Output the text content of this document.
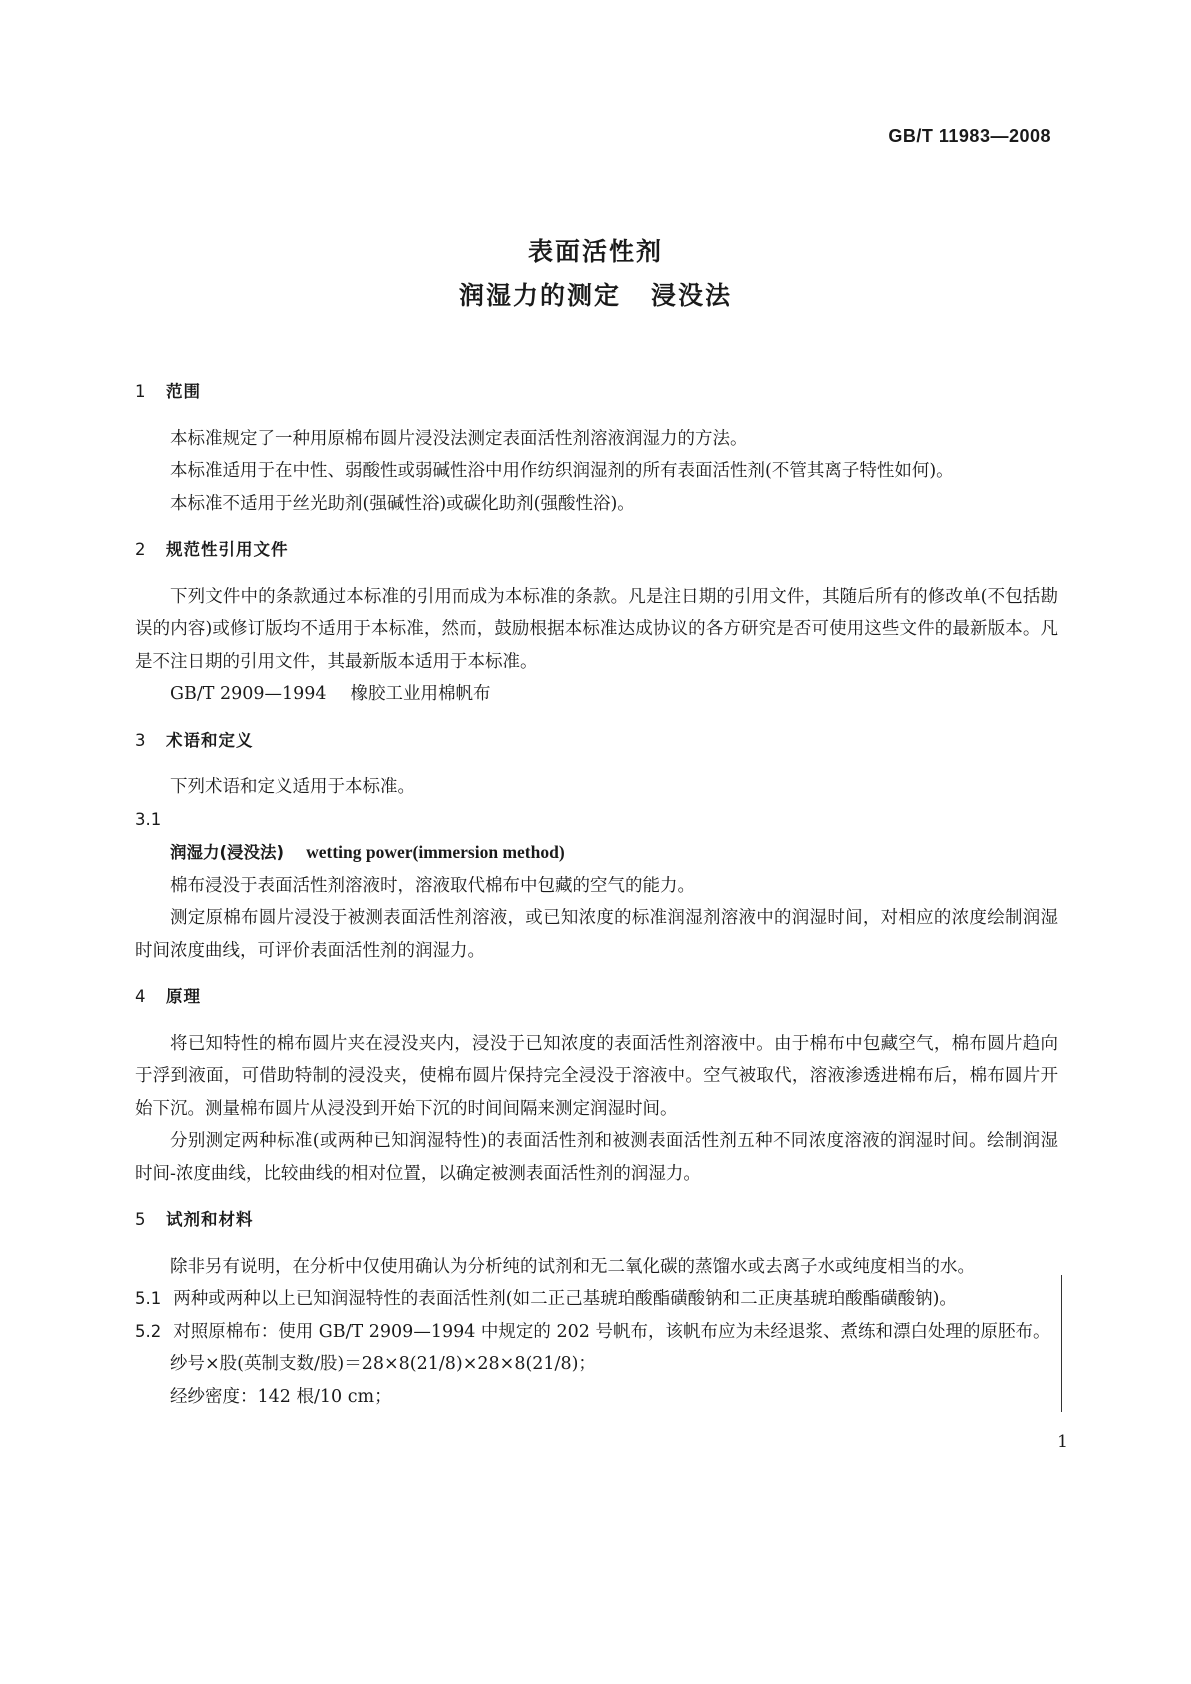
GB/T 11983—2008
表面活性剂
润湿力的测定 浸没法
1 范围

本标准规定了一种用原棉布圆片浸没法测定表面活性剂溶液润湿力的方法。

本标准适用于在中性、弱酸性或弱碱性浴中用作纺织润湿剂的所有表面活性剂(不管其离子特性如何)。

本标准不适用于丝光助剂(强碱性浴)或碳化助剂(强酸性浴)。

2 规范性引用文件

下列文件中的条款通过本标准的引用而成为本标准的条款。凡是注日期的引用文件，其随后所有的修改单(不包括勘误的内容)或修订版均不适用于本标准，然而，鼓励根据本标准达成协议的各方研究是否可使用这些文件的最新版本。凡是不注日期的引用文件，其最新版本适用于本标准。

GB/T 2909—1994 橡胶工业用棉帆布

3 术语和定义

下列术语和定义适用于本标准。

3.1

润湿力(浸没法) wetting power(immersion method)

棉布浸没于表面活性剂溶液时，溶液取代棉布中包藏的空气的能力。

测定原棉布圆片浸没于被测表面活性剂溶液，或已知浓度的标准润湿剂溶液中的润湿时间，对相应的浓度绘制润湿时间浓度曲线，可评价表面活性剂的润湿力。

4 原理

将已知特性的棉布圆片夹在浸没夹内，浸没于已知浓度的表面活性剂溶液中。由于棉布中包藏空气，棉布圆片趋向于浮到液面，可借助特制的浸没夹，使棉布圆片保持完全浸没于溶液中。空气被取代，溶液渗透进棉布后，棉布圆片开始下沉。测量棉布圆片从浸没到开始下沉的时间间隔来测定润湿时间。

分别测定两种标准(或两种已知润湿特性)的表面活性剂和被测表面活性剂五种不同浓度溶液的润湿时间。绘制润湿时间-浓度曲线，比较曲线的相对位置，以确定被测表面活性剂的润湿力。

5 试剂和材料

除非另有说明，在分析中仅使用确认为分析纯的试剂和无二氧化碳的蒸馏水或去离子水或纯度相当的水。

5.1 两种或两种以上已知润湿特性的表面活性剂(如二正己基琥珀酸酯磺酸钠和二正庚基琥珀酸酯磺酸钠)。

5.2 对照原棉布：使用 GB/T 2909—1994 中规定的 202 号帆布，该帆布应为未经退浆、煮练和漂白处理的原胚布。

纱号×股(英制支数/股)＝28×8(21/8)×28×8(21/8)；

经纱密度：142 根/10 cm；

1
